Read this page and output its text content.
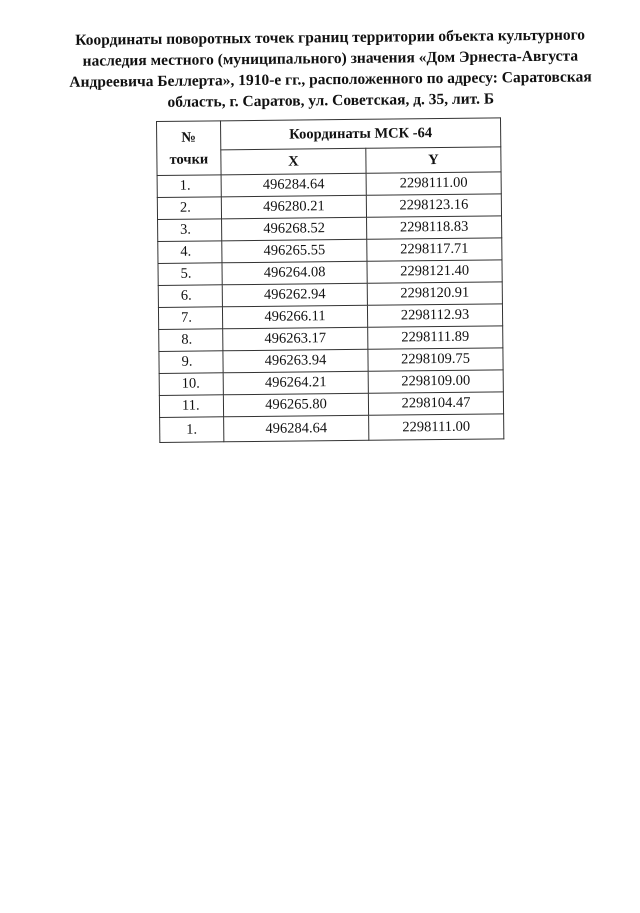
Координаты поворотных точек границ территории объекта культурного
наследия местного (муниципального) значения «Дом Эрнеста-Августа
Андреевича Беллерта», 1910-е гг., расположенного по адресу: Саратовская
область, г. Саратов, ул. Советская, д. 35, лит. Б
№
точки	Координаты МСК -64	
	X	Y
1.	496284.64	2298111.00
2.	496280.21	2298123.16
3.	496268.52	2298118.83
4.	496265.55	2298117.71
5.	496264.08	2298121.40
6.	496262.94	2298120.91
7.	496266.11	2298112.93
8.	496263.17	2298111.89
9.	496263.94	2298109.75
10.	496264.21	2298109.00
11.	496265.80	2298104.47
1.	496284.64	2298111.00
